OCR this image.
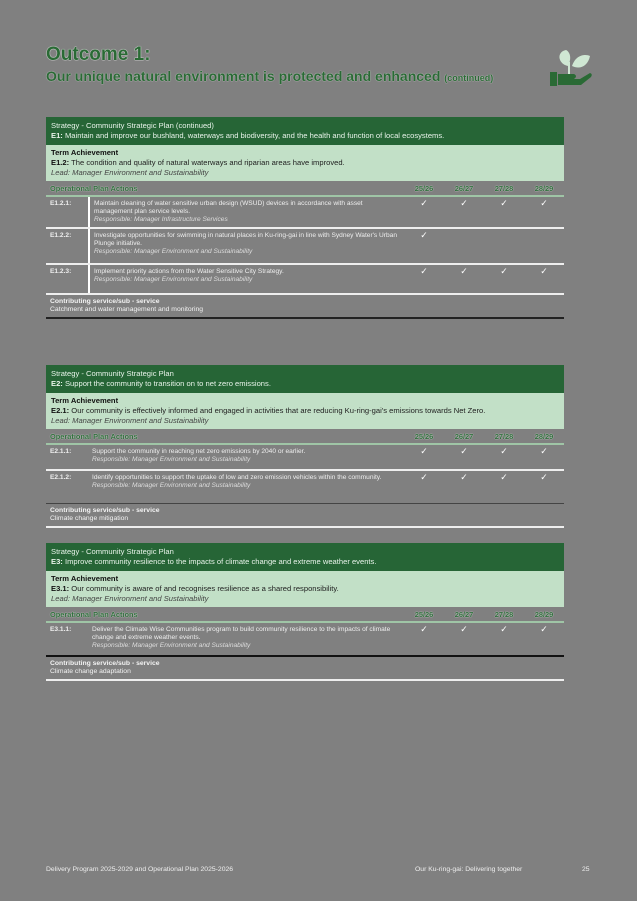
Outcome 1:
Our unique natural environment is protected and enhanced (continued)
Strategy - Community Strategic Plan (continued)
E1: Maintain and improve our bushland, waterways and biodiversity, and the health and function of local ecosystems.
Term Achievement
E1.2: The condition and quality of natural waterways and riparian areas have improved.
Lead: Manager Environment and Sustainability
Operational Plan Actions	25/26	26/27	27/28	28/29
E1.2.1:	Maintain cleaning of water sensitive urban design (WSUD) devices in accordance with asset management plan service levels.
Responsible: Manager Infrastructure Services
✓	✓	✓	✓
E1.2.2:	Investigate opportunities for swimming in natural places in Ku-ring-gai in line with Sydney Water's Urban Plunge initiative.
Responsible: Manager Environment and Sustainability
✓
E1.2.3:	Implement priority actions from the Water Sensitive City Strategy.
Responsible: Manager Environment and Sustainability
✓	✓	✓	✓
Contributing service/sub - service
Catchment and water management and monitoring
Strategy - Community Strategic Plan
E2: Support the community to transition on to net zero emissions.
Term Achievement
E2.1: Our community is effectively informed and engaged in activities that are reducing Ku-ring-gai's emissions towards Net Zero.
Lead: Manager Environment and Sustainability
Operational Plan Actions	25/26	26/27	27/28	28/29
E2.1.1:	Support the community in reaching net zero emissions by 2040 or earlier.
Responsible: Manager Environment and Sustainability
✓	✓	✓	✓
E2.1.2:	Identify opportunities to support the uptake of low and zero emission vehicles within the community.
Responsible: Manager Environment and Sustainability
✓	✓	✓	✓
Contributing service/sub - service
Climate change mitigation
Strategy - Community Strategic Plan
E3: Improve community resilience to the impacts of climate change and extreme weather events.
Term Achievement
E3.1: Our community is aware of and recognises resilience as a shared responsibility.
Lead: Manager Environment and Sustainability
Operational Plan Actions	25/26	26/27	27/28	28/29
E3.1.1:	Deliver the Climate Wise Communities program to build community resilience to the impacts of climate change and extreme weather events.
Responsible: Manager Environment and Sustainability
✓	✓	✓	✓
Contributing service/sub - service
Climate change adaptation
Delivery Program 2025-2029 and Operational Plan 2025-2026	Our Ku-ring-gai: Delivering together	25
